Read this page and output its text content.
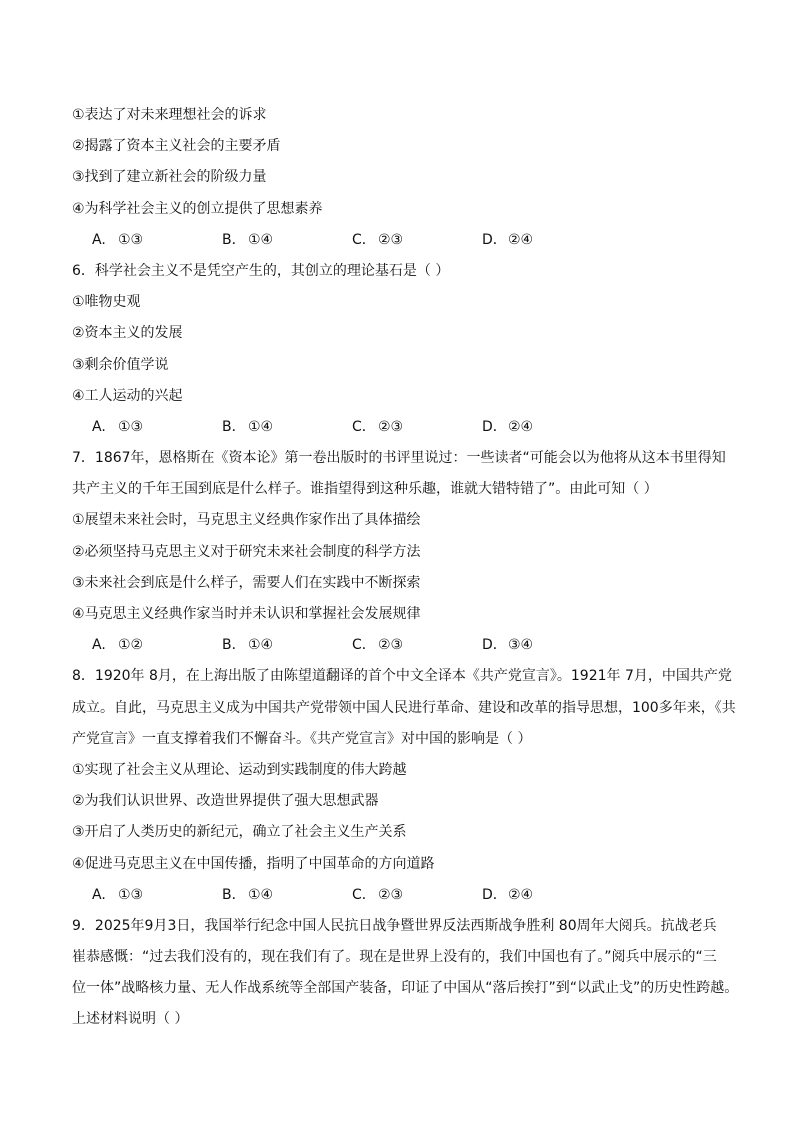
①表达了对未来理想社会的诉求
②揭露了资本主义社会的主要矛盾
③找到了建立新社会的阶级力量
④为科学社会主义的创立提供了思想素养
A. ①③	B． ①④	C． ②③	D．②④
6．科学社会主义不是凭空产生的，其创立的理论基石是（ ）
①唯物史观
②资本主义的发展
③剩余价值学说
④工人运动的兴起
A. ①③	B． ①④	C． ②③	D．②④
7．1867年，恩格斯在《资本论》第一卷出版时的书评里说过：一些读者“可能会以为他将从这本书里得知
共产主义的千年王国到底是什么样子。谁指望得到这种乐趣，谁就大错特错了”。由此可知（ ）
①展望未来社会时，马克思主义经典作家作出了具体描绘
②必须坚持马克思主义对于研究未来社会制度的科学方法
③未来社会到底是什么样子，需要人们在实践中不断探索
④马克思主义经典作家当时并未认识和掌握社会发展规律
A. ①②	B． ①④	C． ②③	D．③④
8．1920年 8月，在上海出版了由陈望道翻译的首个中文全译本《共产党宣言》。1921年 7月，中国共产党
成立。自此，马克思主义成为中国共产党带领中国人民进行革命、建设和改革的指导思想，100多年来，《共
产党宣言》一直支撑着我们不懈奋斗。《共产党宣言》对中国的影响是（ ）
①实现了社会主义从理论、运动到实践制度的伟大跨越
②为我们认识世界、改造世界提供了强大思想武器
③开启了人类历史的新纪元，确立了社会主义生产关系
④促进马克思主义在中国传播，指明了中国革命的方向道路
A. ①③	B． ①④	C． ②③	D．②④
9．2025年9月3日，我国举行纪念中国人民抗日战争暨世界反法西斯战争胜利 80周年大阅兵。抗战老兵
崔恭感慨：“过去我们没有的，现在我们有了。现在是世界上没有的，我们中国也有了。”阅兵中展示的“三
位一体”战略核力量、无人作战系统等全部国产装备，印证了中国从“落后挨打”到“以武止戈”的历史性跨越。
上述材料说明（ ）
